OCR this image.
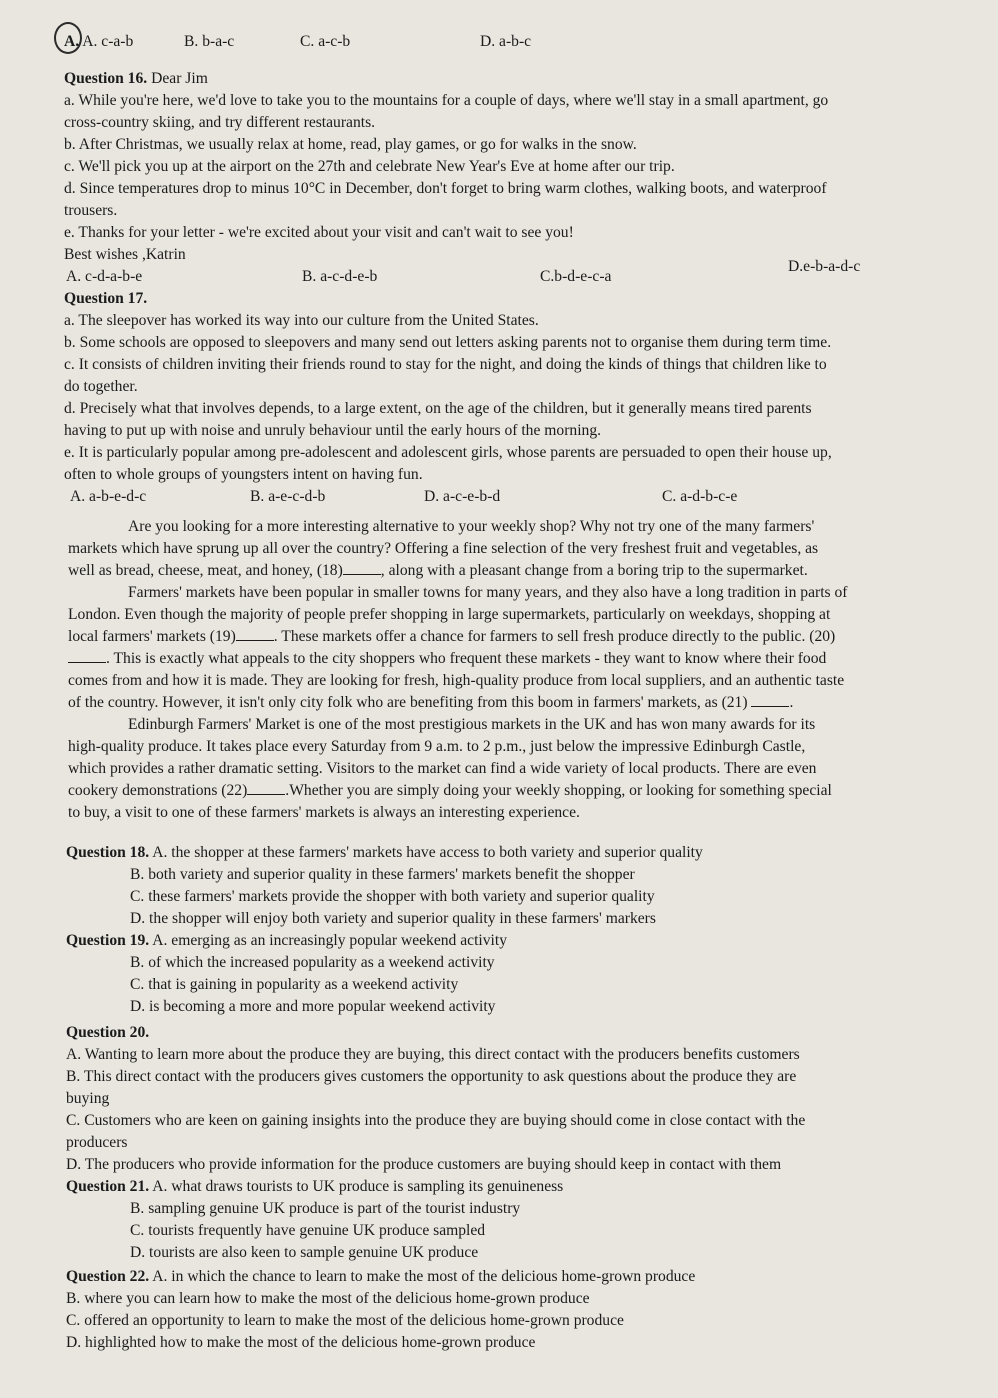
A. A. c-a-b	B. b-a-c	C. a-c-b	D. a-b-c
Question 16. Dear Jim
a. While you're here, we'd love to take you to the mountains for a couple of days, where we'll stay in a small apartment, go
cross-country skiing, and try different restaurants.
b. After Christmas, we usually relax at home, read, play games, or go for walks in the snow.
c. We'll pick you up at the airport on the 27th and celebrate New Year's Eve at home after our trip.
d. Since temperatures drop to minus 10°C in December, don't forget to bring warm clothes, walking boots, and waterproof
trousers.
e. Thanks for your letter - we're excited about your visit and can't wait to see you!
Best wishes ,Katrin
A. c-d-a-b-e	B. a-c-d-e-b	C.b-d-e-c-a
D.e-b-a-d-c
Question 17.
a. The sleepover has worked its way into our culture from the United States.
b. Some schools are opposed to sleepovers and many send out letters asking parents not to organise them during term time.
c. It consists of children inviting their friends round to stay for the night, and doing the kinds of things that children like to
do together.
d. Precisely what that involves depends, to a large extent, on the age of the children, but it generally means tired parents
having to put up with noise and unruly behaviour until the early hours of the morning.
e. It is particularly popular among pre-adolescent and adolescent girls, whose parents are persuaded to open their house up,
often to whole groups of youngsters intent on having fun.
A. a-b-e-d-c	B. a-e-c-d-b	D. a-c-e-b-d	C. a-d-b-c-e
Are you looking for a more interesting alternative to your weekly shop? Why not try one of the many farmers'
markets which have sprung up all over the country? Offering a fine selection of the very freshest fruit and vegetables, as
well as bread, cheese, meat, and honey, (18) , along with a pleasant change from a boring trip to the supermarket.
Farmers' markets have been popular in smaller towns for many years, and they also have a long tradition in parts of
London. Even though the majority of people prefer shopping in large supermarkets, particularly on weekdays, shopping at
local farmers' markets (19) . These markets offer a chance for farmers to sell fresh produce directly to the public. (20)
. This is exactly what appeals to the city shoppers who frequent these markets - they want to know where their food
comes from and how it is made. They are looking for fresh, high-quality produce from local suppliers, and an authentic taste
of the country. However, it isn't only city folk who are benefiting from this boom in farmers' markets, as (21)	.
Edinburgh Farmers' Market is one of the most prestigious markets in the UK and has won many awards for its
high-quality produce. It takes place every Saturday from 9 a.m. to 2 p.m., just below the impressive Edinburgh Castle,
which provides a rather dramatic setting. Visitors to the market can find a wide variety of local products. There are even
cookery demonstrations (22) .Whether you are simply doing your weekly shopping, or looking for something special
to buy, a visit to one of these farmers' markets is always an interesting experience.
Question 18. A. the shopper at these farmers' markets have access to both variety and superior quality
B. both variety and superior quality in these farmers' markets benefit the shopper
C. these farmers' markets provide the shopper with both variety and superior quality
D. the shopper will enjoy both variety and superior quality in these farmers' markers
Question 19. A. emerging as an increasingly popular weekend activity
B. of which the increased popularity as a weekend activity
C. that is gaining in popularity as a weekend activity
D. is becoming a more and more popular weekend activity
Question 20.
A. Wanting to learn more about the produce they are buying, this direct contact with the producers benefits customers
B. This direct contact with the producers gives customers the opportunity to ask questions about the produce they are
buying
C. Customers who are keen on gaining insights into the produce they are buying should come in close contact with the
producers
D. The producers who provide information for the produce customers are buying should keep in contact with them
Question 21. A. what draws tourists to UK produce is sampling its genuineness
B. sampling genuine UK produce is part of the tourist industry
C. tourists frequently have genuine UK produce sampled
D. tourists are also keen to sample genuine UK produce
Question 22. A. in which the chance to learn to make the most of the delicious home-grown produce
B. where you can learn how to make the most of the delicious home-grown produce
C. offered an opportunity to learn to make the most of the delicious home-grown produce
D. highlighted how to make the most of the delicious home-grown produce
